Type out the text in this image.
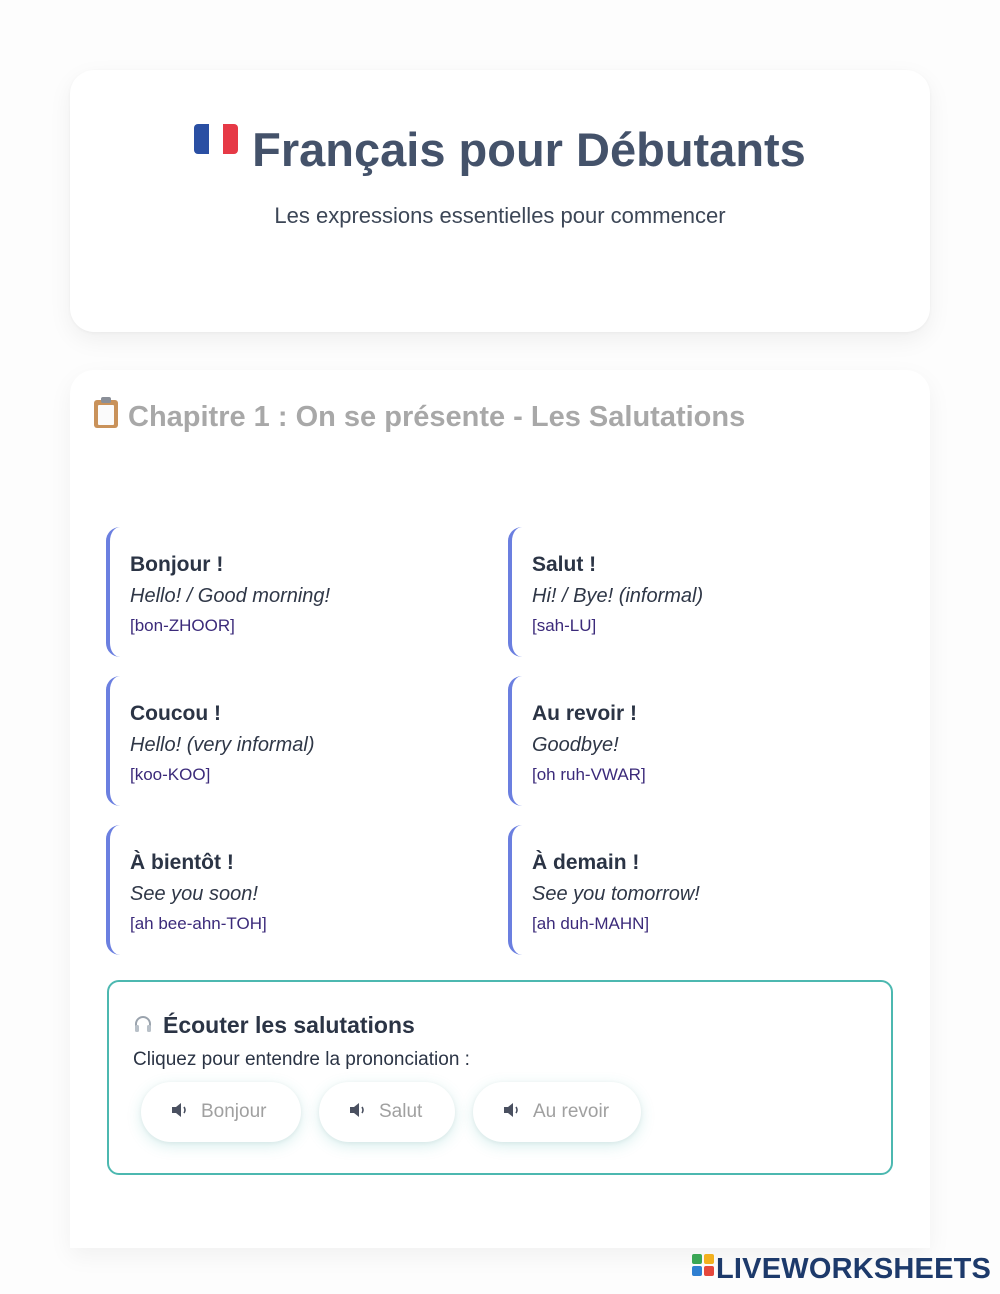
Français pour Débutants
Les expressions essentielles pour commencer
Chapitre 1 : On se présente - Les Salutations
Bonjour !
Hello! / Good morning!
[bon-ZHOOR]
Salut !
Hi! / Bye! (informal)
[sah-LU]
Coucou !
Hello! (very informal)
[koo-KOO]
Au revoir !
Goodbye!
[oh ruh-VWAR]
À bientôt !
See you soon!
[ah bee-ahn-TOH]
À demain !
See you tomorrow!
[ah duh-MAHN]
Écouter les salutations
Cliquez pour entendre la prononciation :
Bonjour	Salut	Au revoir
LIVEWORKSHEETS
